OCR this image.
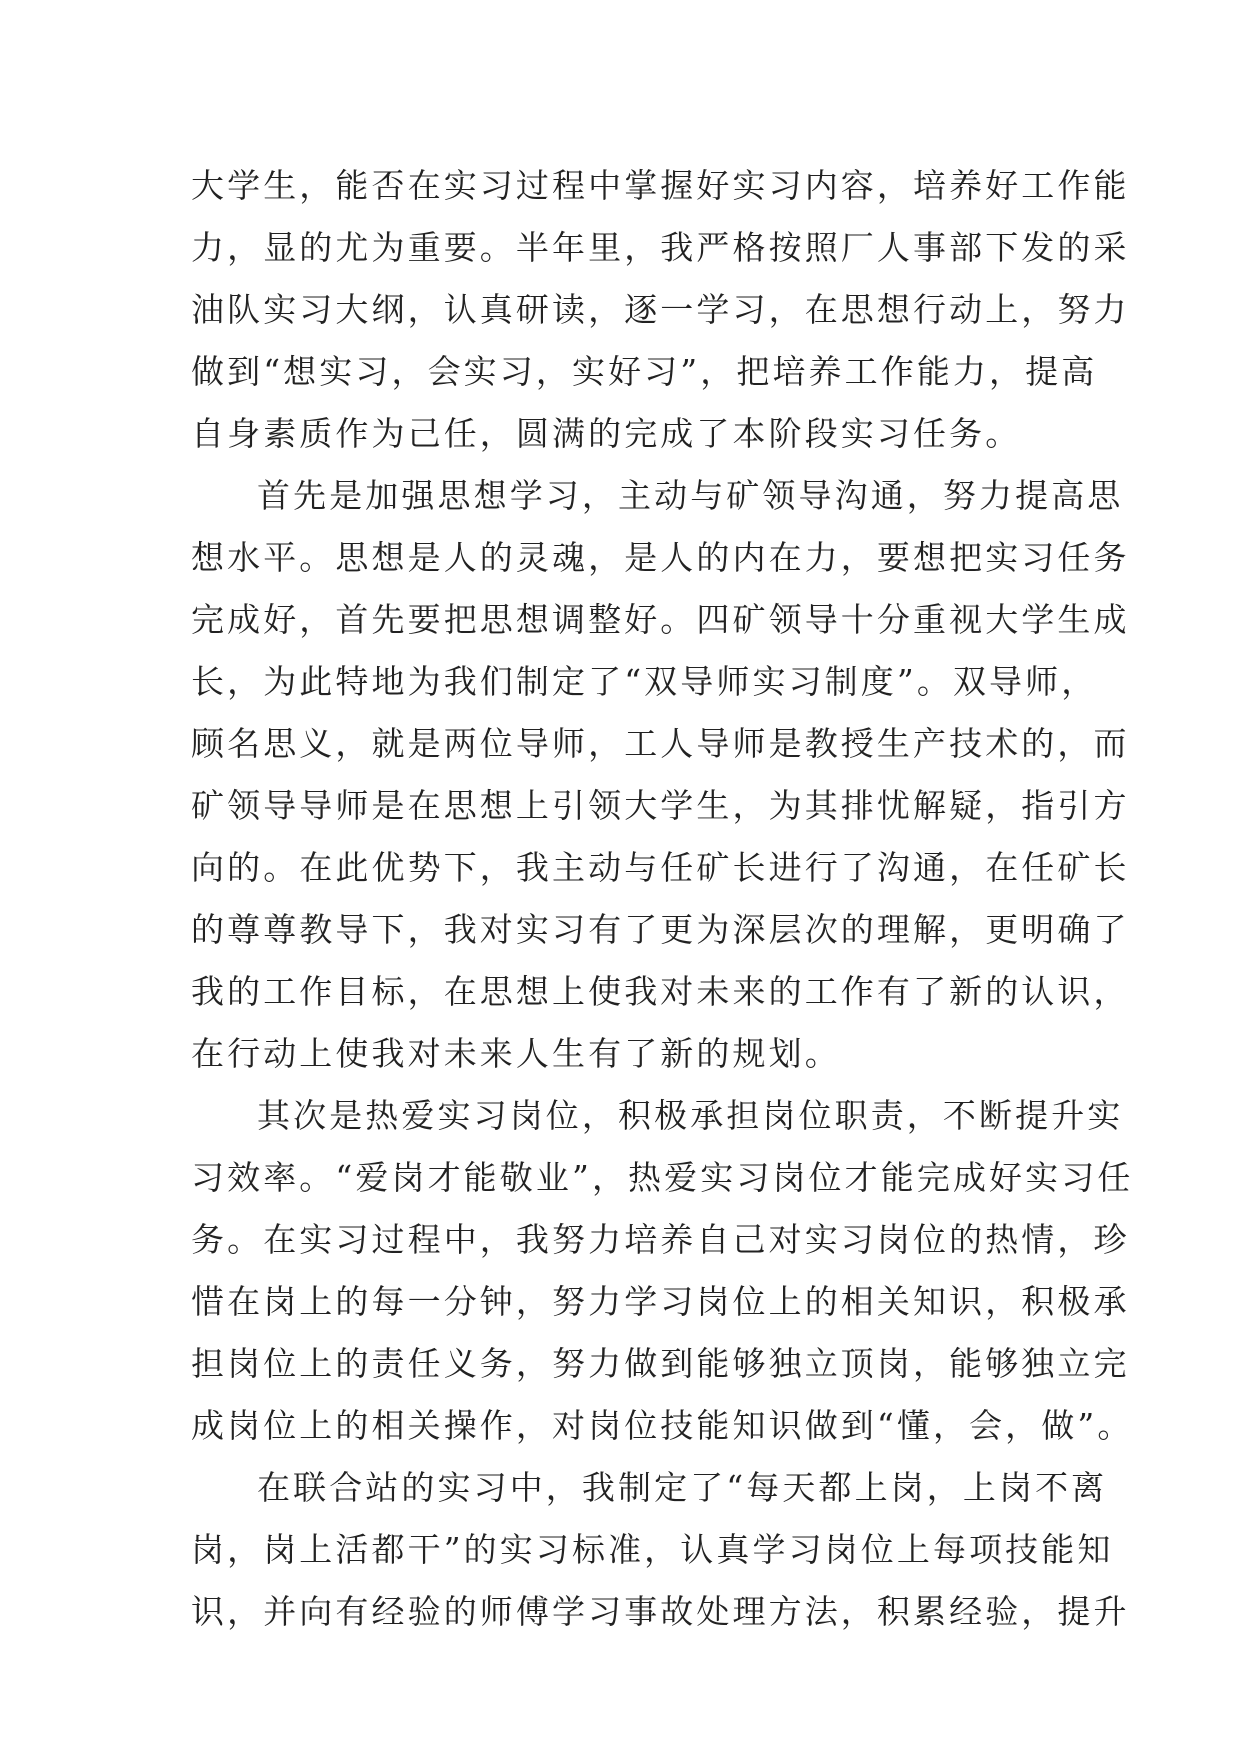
大学生，能否在实习过程中掌握好实习内容，培养好工作能
力，显的尤为重要。半年里，我严格按照厂人事部下发的采
油队实习大纲，认真研读，逐一学习，在思想行动上，努力
做到“想实习，会实习，实好习”，把培养工作能力，提高
自身素质作为己任，圆满的完成了本阶段实习任务。
首先是加强思想学习，主动与矿领导沟通，努力提高思
想水平。思想是人的灵魂，是人的内在力，要想把实习任务
完成好，首先要把思想调整好。四矿领导十分重视大学生成
长，为此特地为我们制定了“双导师实习制度”。双导师，
顾名思义，就是两位导师，工人导师是教授生产技术的，而
矿领导导师是在思想上引领大学生，为其排忧解疑，指引方
向的。在此优势下，我主动与任矿长进行了沟通，在任矿长
的尊尊教导下，我对实习有了更为深层次的理解，更明确了
我的工作目标，在思想上使我对未来的工作有了新的认识，
在行动上使我对未来人生有了新的规划。
其次是热爱实习岗位，积极承担岗位职责，不断提升实
习效率。“爱岗才能敬业”，热爱实习岗位才能完成好实习任
务。在实习过程中，我努力培养自己对实习岗位的热情，珍
惜在岗上的每一分钟，努力学习岗位上的相关知识，积极承
担岗位上的责任义务，努力做到能够独立顶岗，能够独立完
成岗位上的相关操作，对岗位技能知识做到“懂，会，做”。
在联合站的实习中，我制定了“每天都上岗，上岗不离
岗，岗上活都干”的实习标准，认真学习岗位上每项技能知
识，并向有经验的师傅学习事故处理方法，积累经验，提升
